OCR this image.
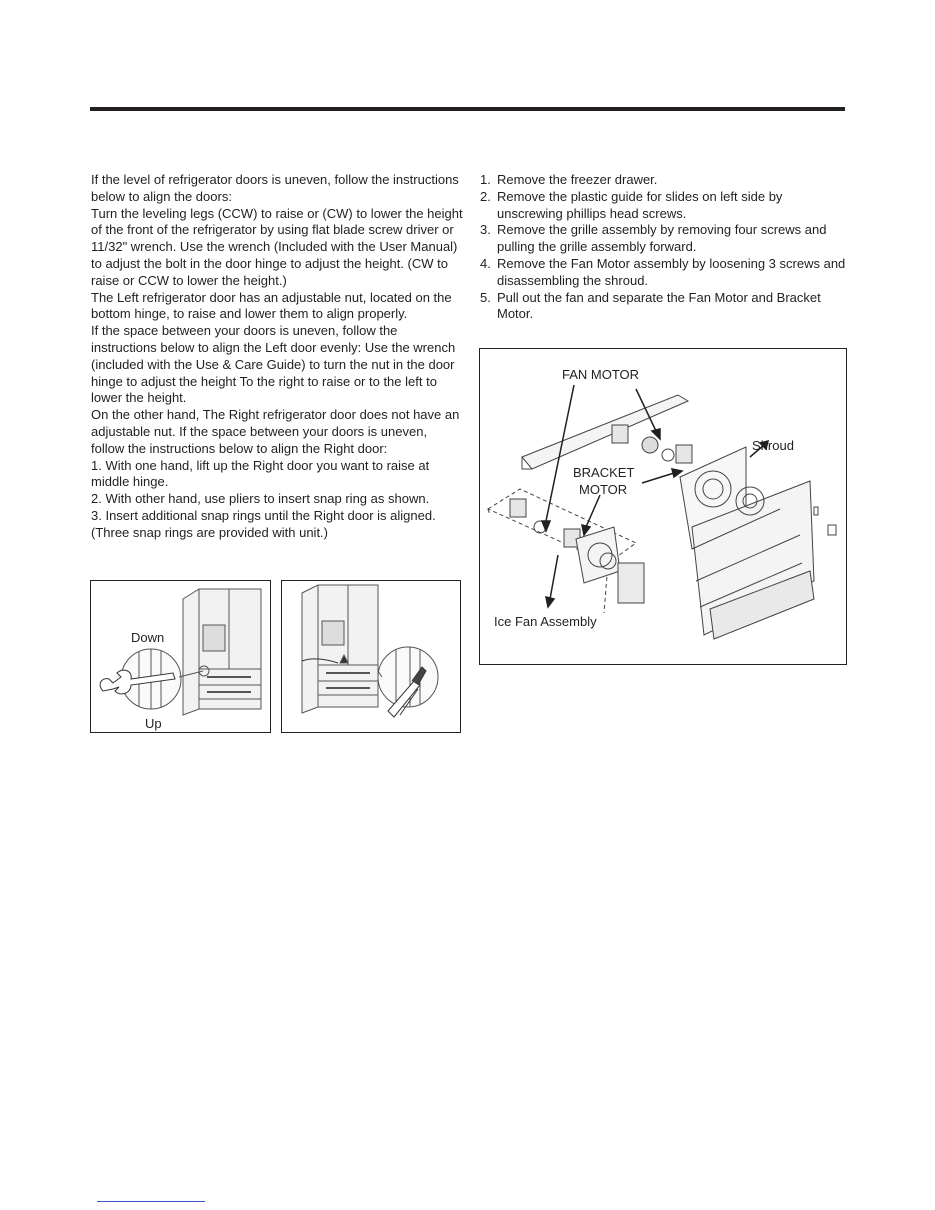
If the level of refrigerator doors is uneven, follow the instructions below to align the doors:

Turn the leveling legs (CCW) to raise or (CW) to lower the height of the front of the refrigerator by using flat blade screw driver or 11/32" wrench. Use the wrench (Included with the User Manual) to adjust the bolt in the door hinge to adjust the height. (CW to raise or CCW to lower the height.)

The Left refrigerator door has an adjustable nut, located on the bottom hinge, to raise and lower them to align properly.

If the space between your doors is uneven, follow the instructions below to align the Left door evenly: Use the wrench (included with the Use & Care Guide) to turn the nut in the door hinge to adjust the height To the right to raise or to the left to lower the height.

On the other hand, The Right refrigerator door does not have an adjustable nut. If the space between your doors is uneven, follow the instructions below to align the Right door:

1. With one hand, lift up the Right door you want to raise at middle hinge.

2. With other hand, use pliers to insert snap ring as shown.

3. Insert additional snap rings until the Right door is aligned. (Three snap rings are provided with unit.)

1. Remove the freezer drawer.
2. Remove the plastic guide for slides on left side by unscrewing phillips head screws.
3. Remove the grille assembly by removing four screws and pulling the grille assembly forward.
4. Remove the Fan Motor assembly by loosening 3 screws and disassembling the shroud.
5. Pull out the fan and separate the Fan Motor and Bracket Motor.
Down
Up
FAN MOTOR
Shroud
BRACKET
MOTOR
Ice Fan Assembly
